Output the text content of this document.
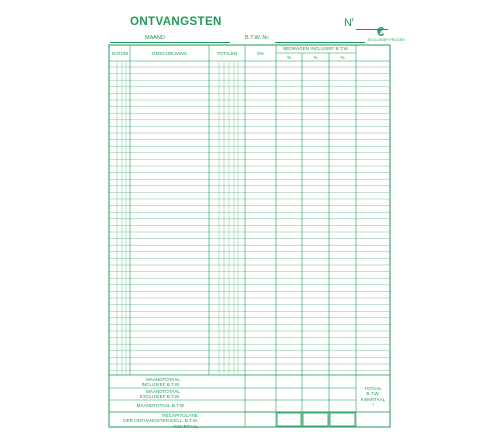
ONTVANGSTEN	$N^r$
€
EXCLUSIEF PRIJZEN
MAAND	B.T.W. Nr.
DATUM	OMSCHRIJVING	TOTALEN	0%
BEDRAGEN INCLUSIEF B.T.W.
%	%	%
MAANDTOTAAL
INCLUSIEF B.T.W.
MAANDTOTAAL
EXCLUSIEF B.T.W.
MAANDTOTAAL B.T.W.
RECAPITULATIE
DER ONTVANGSTEN EXCL. B.T.W.
KWARTAAL
TOTAAL
B.T.W.
KWARTAAL
I
